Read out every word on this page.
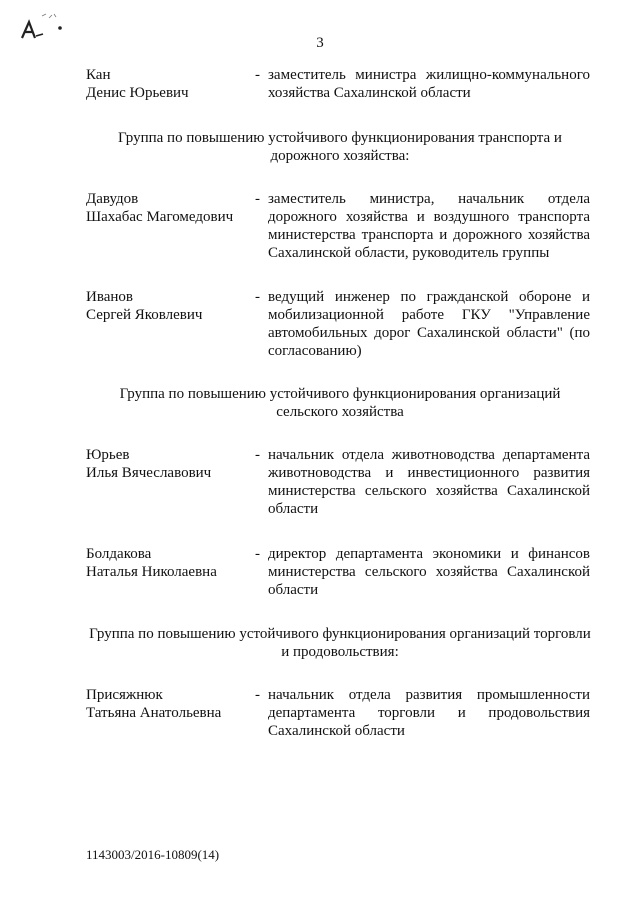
3
Кан
Денис Юрьевич
- заместитель министра жилищно-коммунального
хозяйства Сахалинской области
Группа по повышению устойчивого функционирования транспорта и
дорожного хозяйства:
Давудов
Шахабас Магомедович
- заместитель министра, начальник отдела
дорожного хозяйства и воздушного транспорта
министерства транспорта и дорожного хозяйства
Сахалинской области, руководитель группы
Иванов
Сергей Яковлевич
- ведущий инженер по гражданской обороне и
мобилизационной работе ГКУ "Управление
автомобильных дорог Сахалинской области" (по
согласованию)
Группа по повышению устойчивого функционирования организаций
сельского хозяйства
Юрьев
Илья Вячеславович
- начальник отдела животноводства департамента
животноводства и инвестиционного развития
министерства сельского хозяйства Сахалинской
области
Болдакова
Наталья Николаевна
- директор департамента экономики и финансов
министерства сельского хозяйства Сахалинской
области
Группа по повышению устойчивого функционирования организаций торговли
и продовольствия:
Присяжнюк
Татьяна Анатольевна
- начальник отдела развития промышленности
департамента торговли и продовольствия
Сахалинской области
1143003/2016-10809(14)
